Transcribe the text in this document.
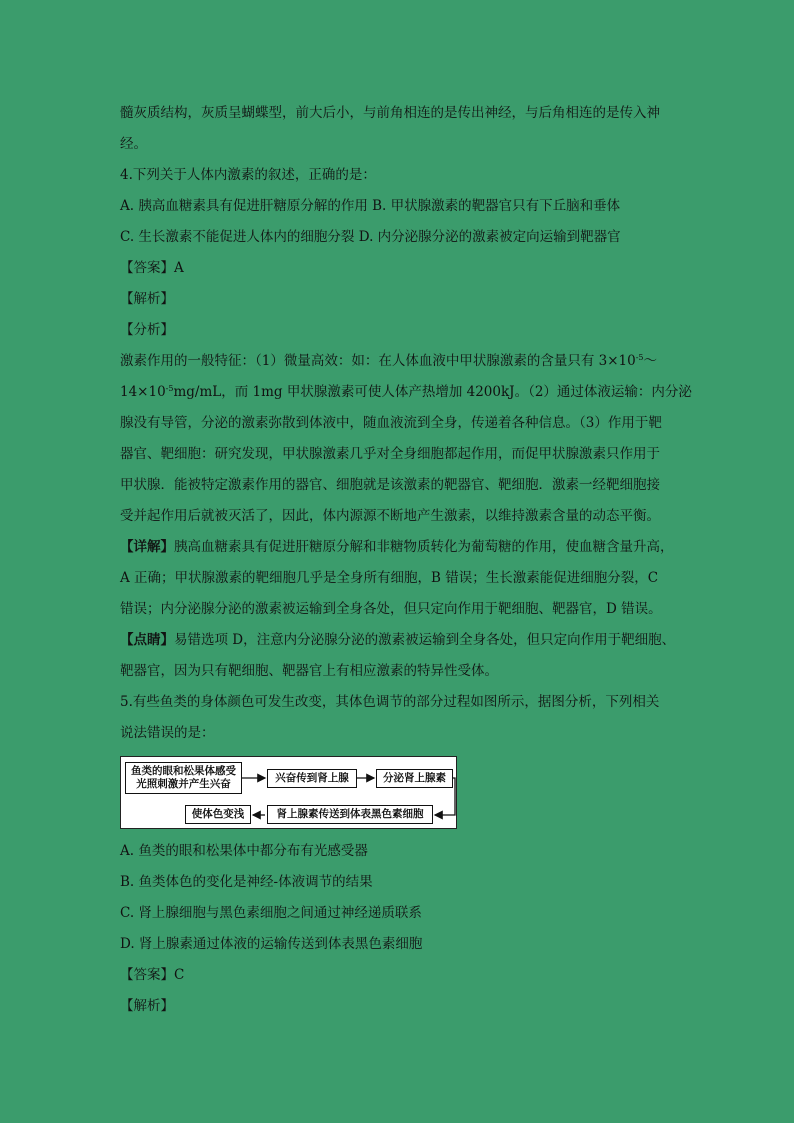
髓灰质结构，灰质呈蝴蝶型，前大后小，与前角相连的是传出神经，与后角相连的是传入神
经。
4.下列关于人体内激素的叙述，正确的是：
A. 胰高血糖素具有促进肝糖原分解的作用 B. 甲状腺激素的靶器官只有下丘脑和垂体
C. 生长激素不能促进人体内的细胞分裂 D. 内分泌腺分泌的激素被定向运输到靶器官
【答案】A
【解析】
【分析】
激素作用的一般特征：（1）微量高效：如：在人体血液中甲状腺激素的含量只有 $3\times 10^{-5}\sim$
$14\times 10^{-5}mg/mL$，而 1mg 甲状腺激素可使人体产热增加 4200kJ。（2）通过体液运输：内分泌
腺没有导管，分泌的激素弥散到体液中，随血液流到全身，传递着各种信息。（3）作用于靶
器官、靶细胞：研究发现，甲状腺激素几乎对全身细胞都起作用，而促甲状腺激素只作用于
甲状腺．能被特定激素作用的器官、细胞就是该激素的靶器官、靶细胞．激素一经靶细胞接
受并起作用后就被灭活了，因此，体内源源不断地产生激素，以维持激素含量的动态平衡。
【详解】胰高血糖素具有促进肝糖原分解和非糖物质转化为葡萄糖的作用，使血糖含量升高，
A 正确；甲状腺激素的靶细胞几乎是全身所有细胞，B 错误；生长激素能促进细胞分裂，C
错误；内分泌腺分泌的激素被运输到全身各处，但只定向作用于靶细胞、靶器官，D 错误。
【点睛】易错选项 D，注意内分泌腺分泌的激素被运输到全身各处，但只定向作用于靶细胞、
靶器官，因为只有靶细胞、靶器官上有相应激素的特异性受体。
5.有些鱼类的身体颜色可发生改变，其体色调节的部分过程如图所示，据图分析，下列相关
说法错误的是：
鱼类的眼和松果体感受
光照刺激并产生兴奋	兴奋传到肾上腺	分泌肾上腺素
肾上腺素传送到体表黑色素细胞
使体色变浅
A. 鱼类的眼和松果体中都分布有光感受器
B. 鱼类体色的变化是神经-体液调节的结果
C. 肾上腺细胞与黑色素细胞之间通过神经递质联系
D. 肾上腺素通过体液的运输传送到体表黑色素细胞
【答案】C
【解析】
